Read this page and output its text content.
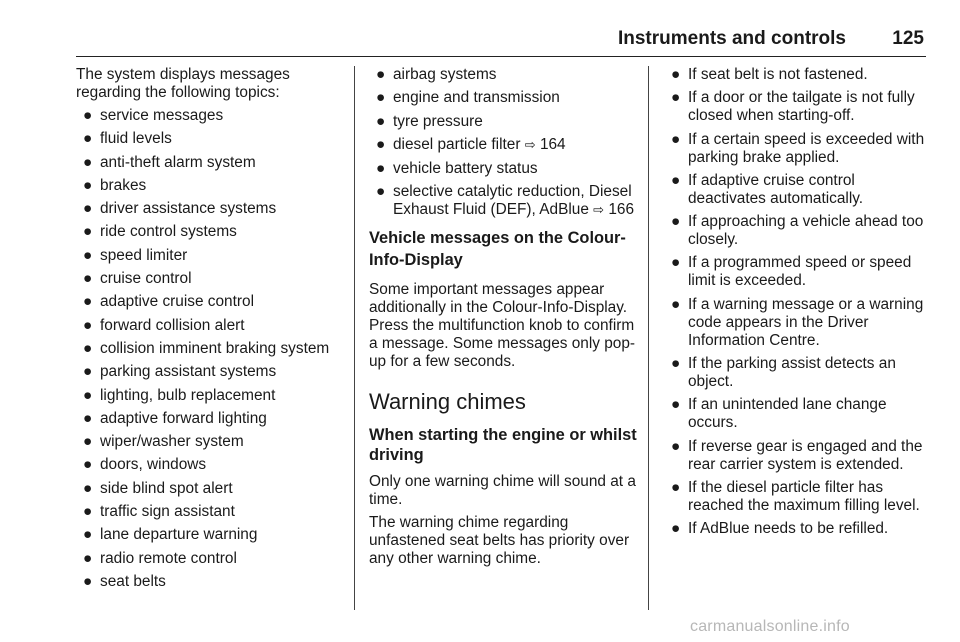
Instruments and controls 125

The system displays messages regarding the following topics:

● service messages
● fluid levels
● anti-theft alarm system
● brakes
● driver assistance systems
● ride control systems
● speed limiter
● cruise control
● adaptive cruise control
● forward collision alert
● collision imminent braking system
● parking assistant systems
● lighting, bulb replacement
● adaptive forward lighting
● wiper/washer system
● doors, windows
● side blind spot alert
● traffic sign assistant
● lane departure warning
● radio remote control
● seat belts
● airbag systems
● engine and transmission
● tyre pressure
● diesel particle filter ⇨ 164
● vehicle battery status
● selective catalytic reduction, Diesel Exhaust Fluid (DEF), AdBlue ⇨ 166
Vehicle messages on the Colour-Info-Display

Some important messages appear additionally in the Colour-Info-Display. Press the multifunction knob to confirm a message. Some messages only pop-up for a few seconds.

Warning chimes
When starting the engine or whilst driving

Only one warning chime will sound at a time.

The warning chime regarding unfastened seat belts has priority over any other warning chime.

● If seat belt is not fastened.
● If a door or the tailgate is not fully closed when starting-off.
● If a certain speed is exceeded with parking brake applied.
● If adaptive cruise control deactivates automatically.
● If approaching a vehicle ahead too closely.
● If a programmed speed or speed limit is exceeded.
● If a warning message or a warning code appears in the Driver Information Centre.
● If the parking assist detects an object.
● If an unintended lane change occurs.
● If reverse gear is engaged and the rear carrier system is extended.
● If the diesel particle filter has reached the maximum filling level.
● If AdBlue needs to be refilled.
carmanualsonline.info
